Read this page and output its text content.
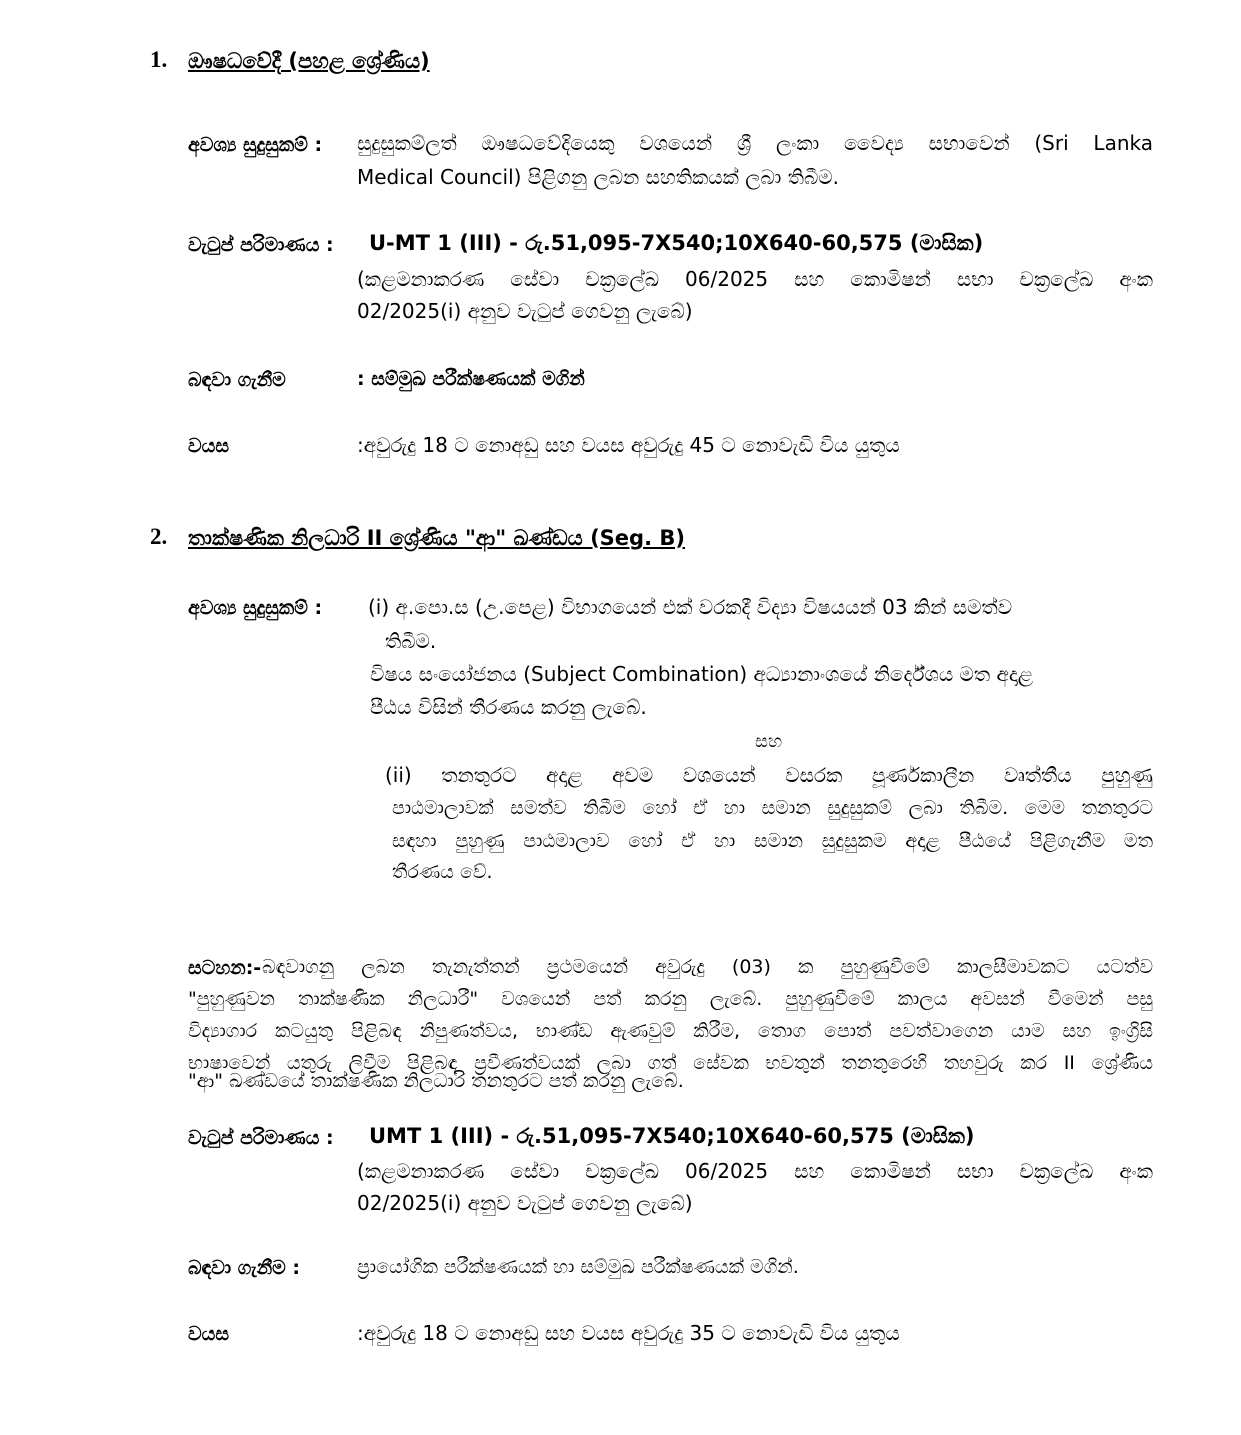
1. ඖෂධවේදී (පහළ ශ්‍රේණිය)
අවශ්‍ය සුදුසුකම් : සුදුසුකම්ලත් ඖෂධවේදියෙකු වශයෙන් ශ්‍රී ලංකා වෛද්‍ය සභාවෙන් (Sri Lanka
Medical Council) පිළිගනු ලබන සහතිකයක් ලබා තිබීම.
වැටුප් පරිමාණය : U-MT 1 (III) - රු.51,095-7X540;10X640-60,575 (මාසික)
(කළමනාකරණ සේවා චක්‍රලේඛ 06/2025 සහ කොමිෂන් සභා චක්‍රලේඛ අංක
02/2025(i) අනුව වැටුප් ගෙවනු ලැබේ)
බඳවා ගැනීම	: සම්මුඛ පරීක්ෂණයක් මගින්
වයස	:අවුරුදු 18 ට නොඅඩු සහ වයස අවුරුදු 45 ට නොවැඩි විය යුතුය
2. තාක්ෂණික නිලධාරි II ශ්‍රේණිය "ආ" ඛණ්ඩය (Seg. B)
අවශ්‍ය සුදුසුකම් : (i) අ.පො.ස (උ.පෙළ) විභාගයෙන් එක් වරකදී විද්‍යා විෂයයන් 03 කින් සමත්ව
තිබීම.
විෂය සංයෝජනය (Subject Combination) අධ්‍යානාංශයේ නිර්දේශය මත අදාළ
පීඨය විසින් තීරණය කරනු ලැබේ.
සහ
(ii) තනතුරට අදාළ අවම වශයෙන් වසරක පූර්ණකාලීන වෘත්තීය පුහුණු
පාඨමාලාවක් සමත්ව තිබීම හෝ ඒ හා සමාන සුදුසුකම් ලබා තිබීම. මෙම තනතුරට
සඳහා පුහුණු පාඨමාලාව හෝ ඒ හා සමාන සුදුසුකම අදාළ පීඨයේ පිළිගැනීම මත
තීරණය වේ.
සටහන:- බඳවාගනු ලබන තැනැත්තන් ප්‍රථමයෙන් අවුරුදු (03) ක පුහුණුවීමේ කාලසීමාවකට යටත්ව
"පුහුණුවන තාක්ෂණික නිලධාරී" වශයෙන් පත් කරනු ලැබේ. පුහුණුවීමේ කාලය අවසන් වීමෙන් පසු
විද්‍යාගාර කටයුතු පිළිබඳ නිපුණත්වය, භාණ්ඩ ඇණවුම් කිරීම, තොග පොත් පවත්වාගෙන යාම සහ ඉංග්‍රිසි
භාෂාවෙන් යතුරු ලිවීම පිළිබඳ ප්‍රවීණත්වයක් ලබා ගත් සේවක භවතුන් තනතුරෙහි තහවුරු කර II ශ්‍රේණිය
"ආ" ඛණ්ඩයේ තාක්ෂණික නිලධාරි තනතුරට පත් කරනු ලැබේ.
වැටුප් පරිමාණය : UMT 1 (III) - රු.51,095-7X540;10X640-60,575 (මාසික)
(කළමනාකරණ සේවා චක්‍රලේඛ 06/2025 සහ කොමිෂන් සභා චක්‍රලේඛ අංක
02/2025(i) අනුව වැටුප් ගෙවනු ලැබේ)
බඳවා ගැනීම :	ප්‍රායෝගික පරීක්ෂණයක් හා සම්මුඛ පරීක්ෂණයක් මගින්.
වයස	:අවුරුදු 18 ට නොඅඩු සහ වයස අවුරුදු 35 ට නොවැඩි විය යුතුය
